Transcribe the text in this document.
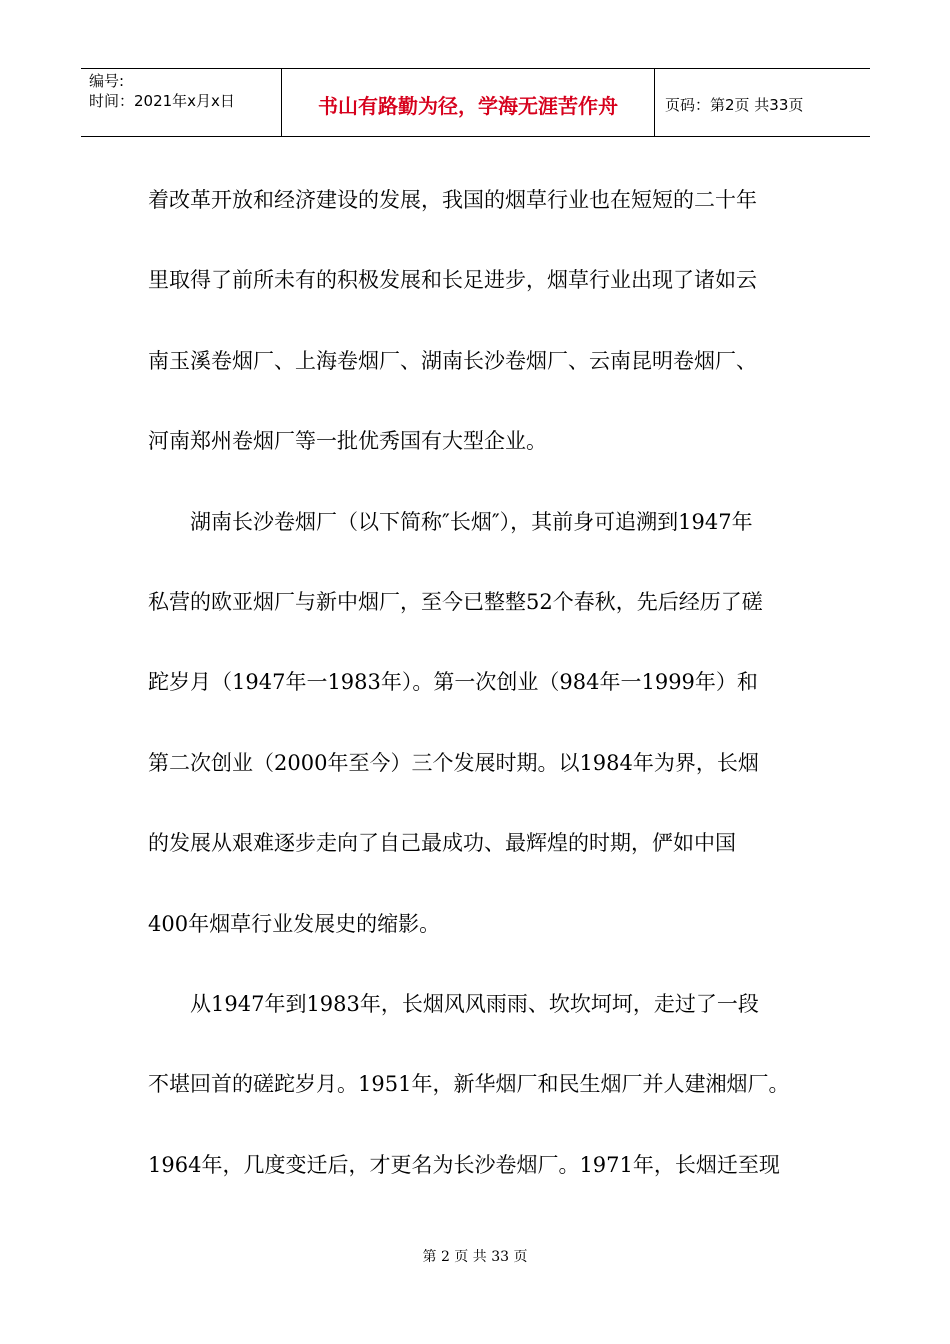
编号:
时间：2021年x月x日	书山有路勤为径，学海无涯苦作舟	页码：第2页 共33页

着改革开放和经济建设的发展，我国的烟草行业也在短短的二十年

里取得了前所未有的积极发展和长足进步，烟草行业出现了诸如云

南玉溪卷烟厂、上海卷烟厂、湖南长沙卷烟厂、云南昆明卷烟厂、

河南郑州卷烟厂等一批优秀国有大型企业。

　　湖南长沙卷烟厂（以下简称″长烟″），其前身可追溯到1947年

私营的欧亚烟厂与新中烟厂，至今已整整52个春秋，先后经历了磋

跎岁月（1947年一1983年）。第一次创业（984年一1999年）和

第二次创业（2000年至今）三个发展时期。以1984年为界，长烟

的发展从艰难逐步走向了自己最成功、最辉煌的时期，俨如中国

400年烟草行业发展史的缩影。

　　从1947年到1983年，长烟风风雨雨、坎坎坷坷，走过了一段

不堪回首的磋跎岁月。1951年，新华烟厂和民生烟厂并人建湘烟厂。

1964年，几度变迁后，才更名为长沙卷烟厂。1971年，长烟迁至现

第 2 页 共 33 页
